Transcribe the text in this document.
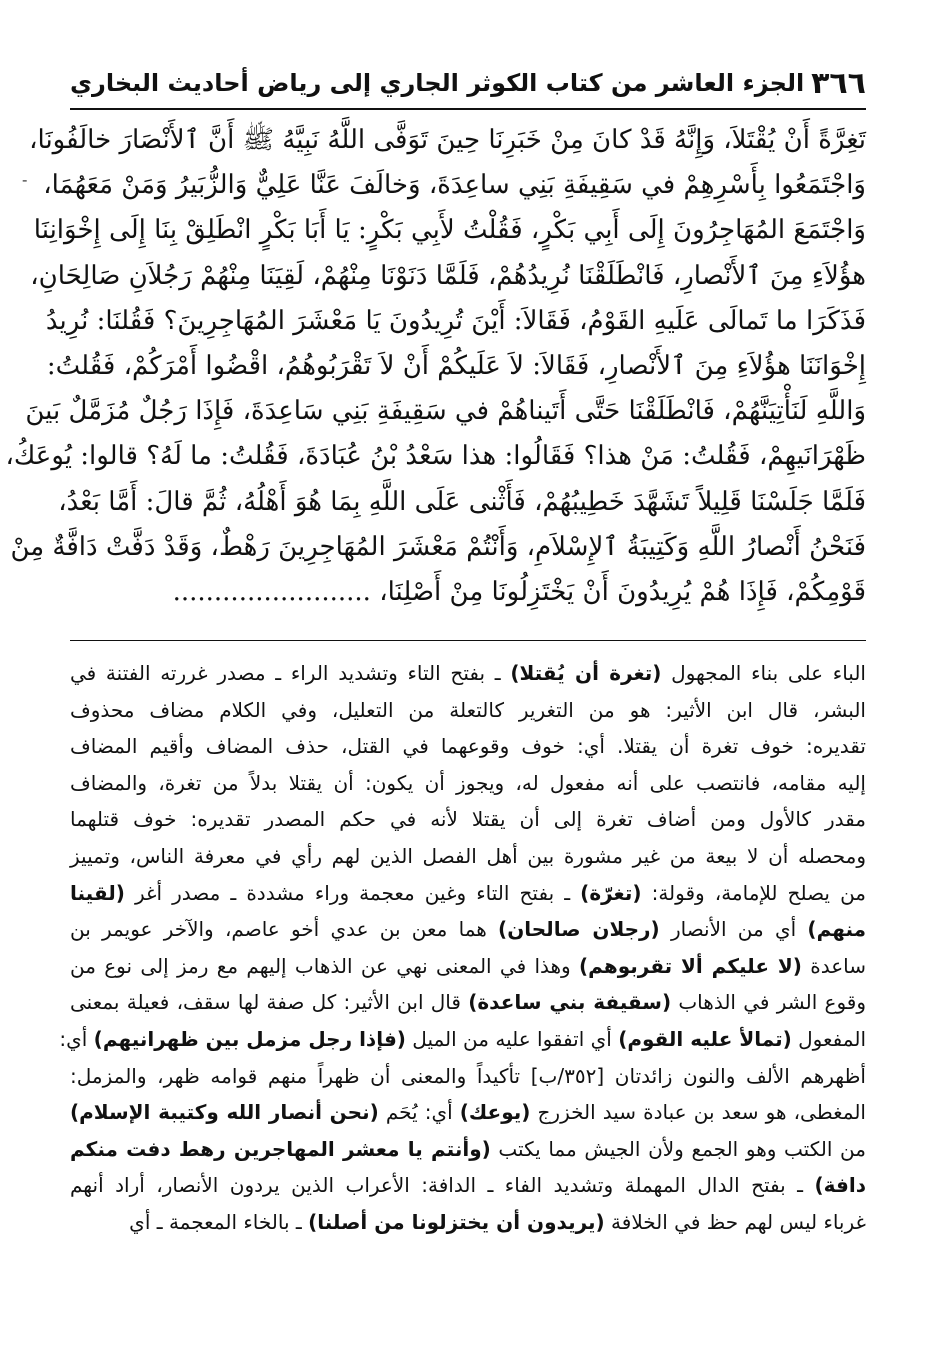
-
٣٦٦
الجزء العاشر من كتاب الكوثر الجاري إلى رياض أحاديث البخاري
تَغِرَّةً أَنْ يُقْتَلاَ، وَإِنَّهُ قَدْ كانَ مِنْ خَبَرِنَا حِينَ تَوَفَّى اللَّهُ نَبِيَّهُ ﷺ أَنَّ ٱلأَنْصَارَ خالَفُونَا،
وَاجْتَمَعُوا بِأَسْرِهِمْ في سَقِيفَةِ بَنِي ساعِدَةَ، وَخالَفَ عَنَّا عَلِيٌّ وَالزُّبَيرُ وَمَنْ مَعَهُمَا،
وَاجْتَمَعَ المُهَاجِرُونَ إِلَى أَبِي بَكْرٍ، فَقُلْتُ لأَبِي بَكْرٍ: يَا أَبَا بَكْرٍ انْطَلِقْ بِنَا إِلَى إِخْوَانِنَا
هؤُلاَءِ مِنَ ٱلأَنْصارِ، فَانْطَلَقْنَا نُرِيدُهُمْ، فَلَمَّا دَنَوْنَا مِنْهُمْ، لَقِيَنَا مِنْهُمْ رَجُلاَنِ صَالِحَانِ،
فَذَكَرَا ما تَمالَى عَلَيهِ القَوْمُ، فَقَالاَ: أَيْنَ تُرِيدُونَ يَا مَعْشَرَ المُهَاجِرِينَ؟ فَقُلنَا: نُرِيدُ
إِخْوَانَنَا هؤُلاَءِ مِنَ ٱلأَنْصارِ، فَقَالاَ: لاَ عَلَيكُمْ أَنْ لاَ تَقْرَبُوهُمُ، اقْضُوا أَمْرَكُمْ، فَقُلتُ:
وَاللَّهِ لَنَأْتِيَنَّهُمْ، فَانْطَلَقْنَا حَتَّى أَتَيناهُمْ في سَقِيفَةِ بَنِي سَاعِدَةَ، فَإِذَا رَجُلٌ مُزَمَّلٌ بَينَ
ظَهْرَانَيهِمْ، فَقُلتُ: مَنْ هذا؟ فَقَالُوا: هذا سَعْدُ بْنُ عُبَادَةَ، فَقُلتُ: ما لَهُ؟ قالوا: يُوعَكُ،
فَلَمَّا جَلَسْنَا قَلِيلاً تَشَهَّدَ خَطِيبُهُمْ، فَأَثْنى عَلَى اللَّهِ بِمَا هُوَ أَهْلُهُ، ثُمَّ قالَ: أَمَّا بَعْدُ،
فَنَحْنُ أَنْصارُ اللَّهِ وَكَتِيبَةُ ٱلإِسْلاَمِ، وَأَنْتُمْ مَعْشَرَ المُهَاجِرِينَ رَهْطٌ، وَقَدْ دَفَّتْ دَافَّةٌ مِنْ
قَوْمِكُمْ، فَإِذَا هُمْ يُرِيدُونَ أَنْ يَخْتَزِلُونَا مِنْ أَصْلِنَا، ........................
الباء على بناء المجهول (تغرة أن يُقتلا) ـ بفتح التاء وتشديد الراء ـ مصدر غررته الفتنة في
البشر، قال ابن الأثير: هو من التغرير كالتعلة من التعليل، وفي الكلام مضاف محذوف
تقديره: خوف تغرة أن يقتلا. أي: خوف وقوعهما في القتل، حذف المضاف وأقيم المضاف
إليه مقامه، فانتصب على أنه مفعول له، ويجوز أن يكون: أن يقتلا بدلاً من تغرة، والمضاف
مقدر كالأول ومن أضاف تغرة إلى أن يقتلا لأنه في حكم المصدر تقديره: خوف قتلهما
ومحصله أن لا بيعة من غير مشورة بين أهل الفصل الذين لهم رأي في معرفة الناس، وتمييز
من يصلح للإمامة، وقولة: (تغرّة) ـ بفتح التاء وغين معجمة وراء مشددة ـ مصدر أغر (لقينا
منهم) أي من الأنصار (رجلان صالحان) هما معن بن عدي أخو عاصم، والآخر عويمر بن
ساعدة (لا عليكم ألا تقربوهم) وهذا في المعنى نهي عن الذهاب إليهم مع رمز إلى نوع من
وقوع الشر في الذهاب (سقيفة بني ساعدة) قال ابن الأثير: كل صفة لها سقف، فعيلة بمعنى
المفعول (تمالأ عليه القوم) أي اتفقوا عليه من الميل (فإذا رجل مزمل بين ظهرانيهم) أي:
أظهرهم الألف والنون زائدتان [٣٥٢/ب] تأكيداً والمعنى أن ظهراً منهم قوامه ظهر، والمزمل:
المغطى، هو سعد بن عبادة سيد الخزرج (يوعك) أي: يُحَم (نحن أنصار الله وكتيبة الإسلام)
من الكتب وهو الجمع ولأن الجيش مما يكتب (وأنتم يا معشر المهاجرين رهط دفت منكم
دافة) ـ بفتح الدال المهملة وتشديد الفاء ـ الدافة: الأعراب الذين يردون الأنصار، أراد أنهم
غرباء ليس لهم حظ في الخلافة (يريدون أن يختزلونا من أصلنا) ـ بالخاء المعجمة ـ أي
